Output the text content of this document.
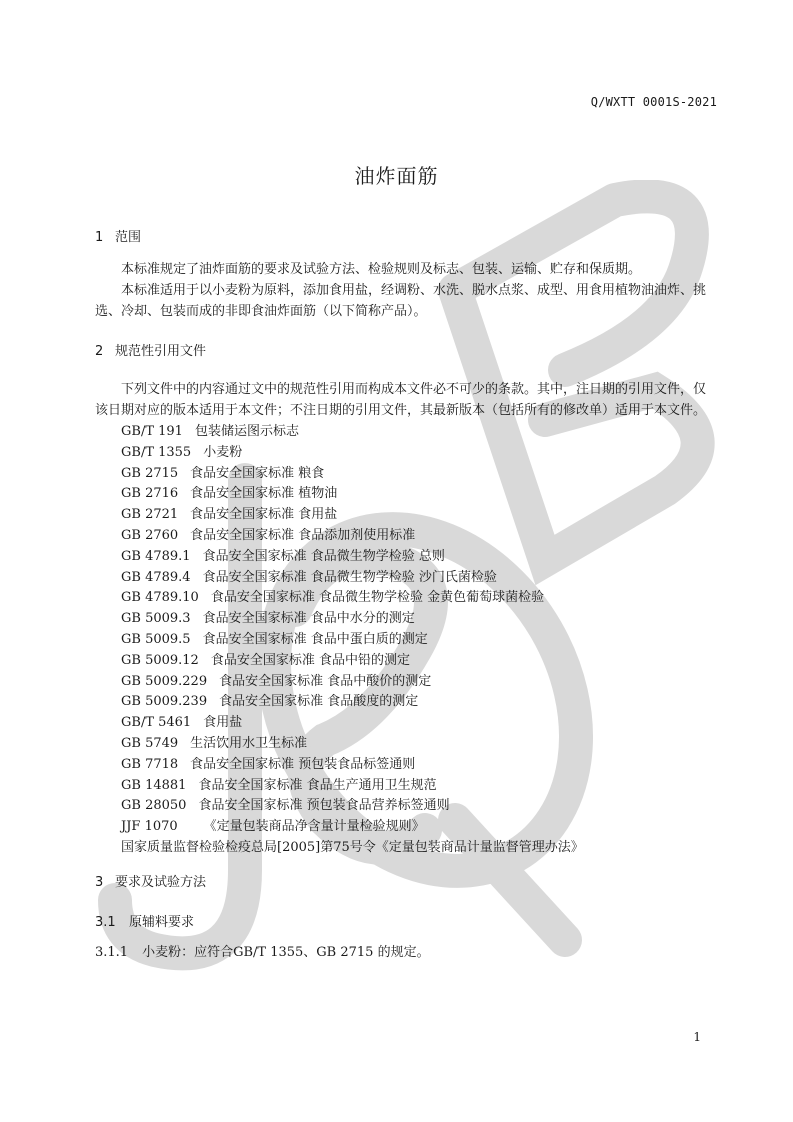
Q/WXTT 0001S-2021
油炸面筋
1 范围

本标准规定了油炸面筋的要求及试验方法、检验规则及标志、包装、运输、贮存和保质期。

本标准适用于以小麦粉为原料，添加食用盐，经调粉、水洗、脱水点浆、成型、用食用植物油油炸、挑选、冷却、包装而成的非即食油炸面筋（以下简称产品）。

2 规范性引用文件

下列文件中的内容通过文中的规范性引用而构成本文件必不可少的条款。其中，注日期的引用文件，仅该日期对应的版本适用于本文件；不注日期的引用文件，其最新版本（包括所有的修改单）适用于本文件。

GB/T 191 包装储运图示标志
GB/T 1355 小麦粉
GB 2715 食品安全国家标准 粮食
GB 2716 食品安全国家标准 植物油
GB 2721 食品安全国家标准 食用盐
GB 2760 食品安全国家标准 食品添加剂使用标准
GB 4789.1 食品安全国家标准 食品微生物学检验 总则
GB 4789.4 食品安全国家标准 食品微生物学检验 沙门氏菌检验
GB 4789.10 食品安全国家标准 食品微生物学检验 金黄色葡萄球菌检验
GB 5009.3 食品安全国家标准 食品中水分的测定
GB 5009.5 食品安全国家标准 食品中蛋白质的测定
GB 5009.12 食品安全国家标准 食品中铅的测定
GB 5009.229 食品安全国家标准 食品中酸价的测定
GB 5009.239 食品安全国家标准 食品酸度的测定
GB/T 5461 食用盐
GB 5749 生活饮用水卫生标准
GB 7718 食品安全国家标准 预包装食品标签通则
GB 14881 食品安全国家标准 食品生产通用卫生规范
GB 28050 食品安全国家标准 预包装食品营养标签通则
JJF 1070 《定量包装商品净含量计量检验规则》
国家质量监督检验检疫总局[2005]第75号令《定量包装商品计量监督管理办法》
3 要求及试验方法
3.1 原辅料要求
3.1.1 小麦粉：应符合GB/T 1355、GB 2715 的规定。
1
